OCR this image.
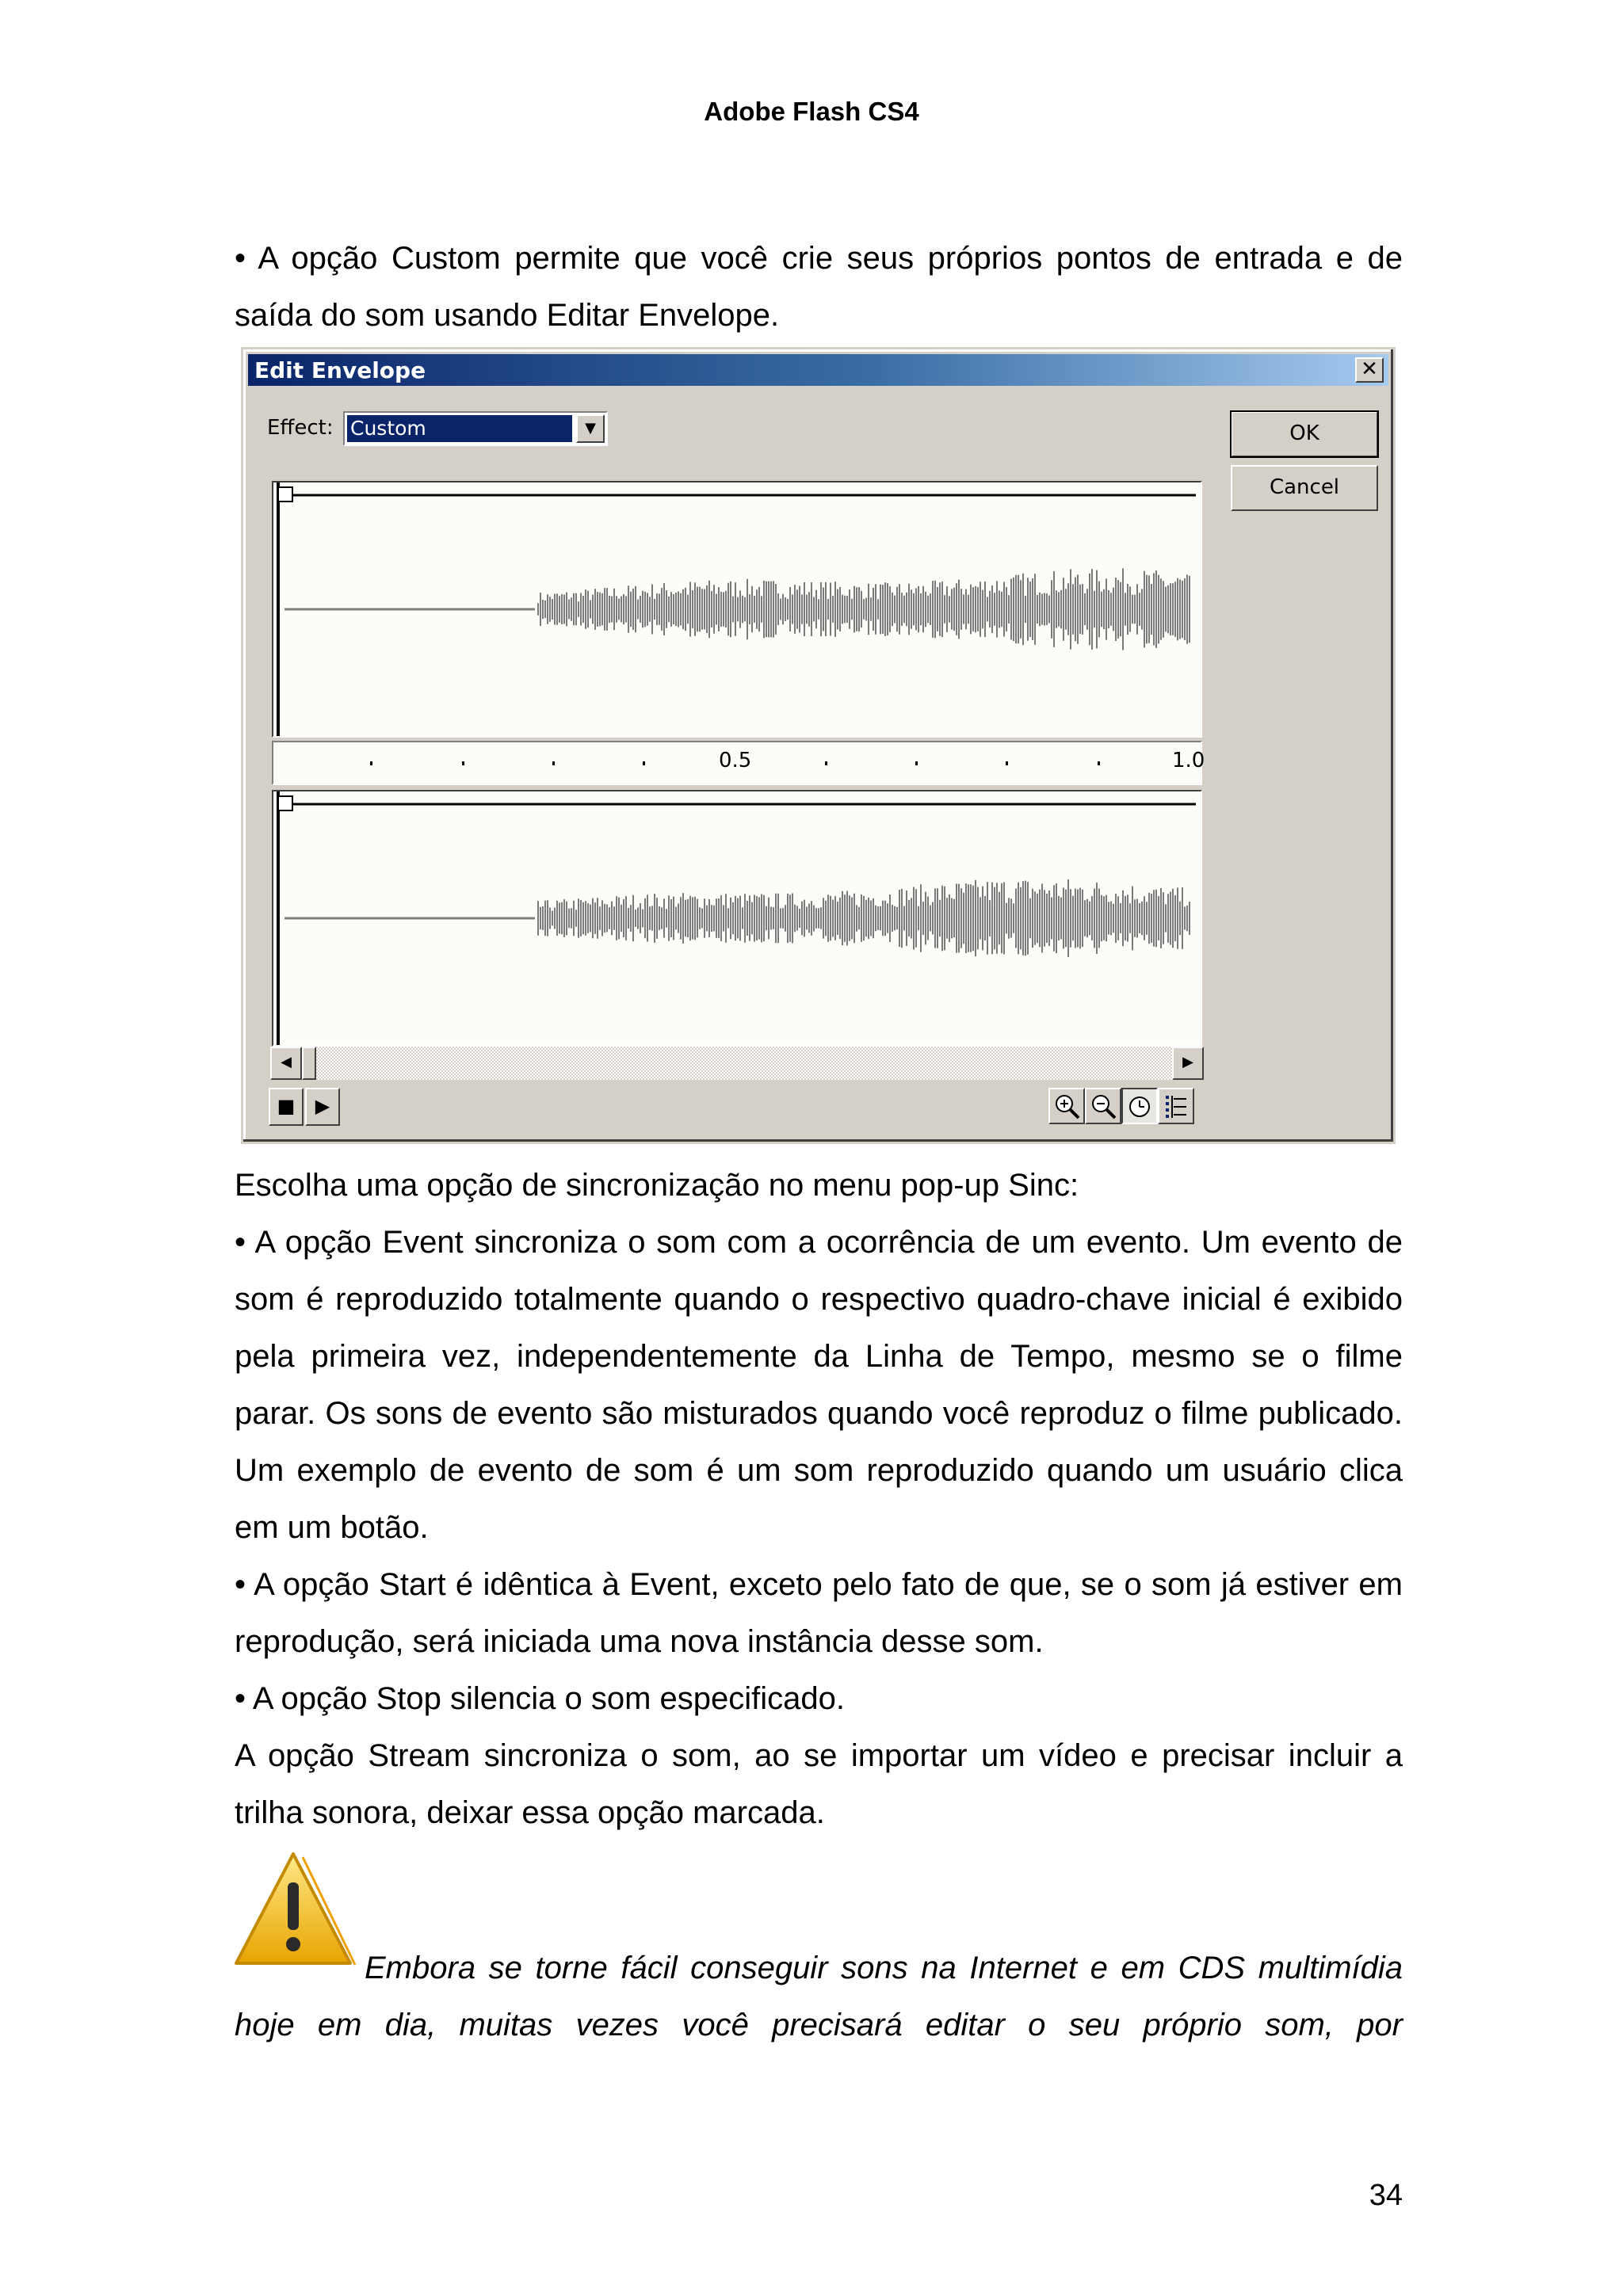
Adobe Flash CS4

• A opção Custom permite que você crie seus próprios pontos de entrada e de saída do som usando Editar Envelope.

Edit Envelope	✕
Effect: Custom	▼	OK
Cancel
0.5	1.0
◀	▶
■	▶

Escolha uma opção de sincronização no menu pop-up Sinc:

• A opção Event sincroniza o som com a ocorrência de um evento. Um evento de som é reproduzido totalmente quando o respectivo quadro-chave inicial é exibido pela primeira vez, independentemente da Linha de Tempo, mesmo se o filme parar. Os sons de evento são misturados quando você reproduz o filme publicado. Um exemplo de evento de som é um som reproduzido quando um usuário clica em um botão.

• A opção Start é idêntica à Event, exceto pelo fato de que, se o som já estiver em reprodução, será iniciada uma nova instância desse som.

• A opção Stop silencia o som especificado.

A opção Stream sincroniza o som, ao se importar um vídeo e precisar incluir a trilha sonora, deixar essa opção marcada.

Embora se torne fácil conseguir sons na Internet e em CDS multimídia hoje em dia, muitas vezes você precisará editar o seu próprio som, por

34
